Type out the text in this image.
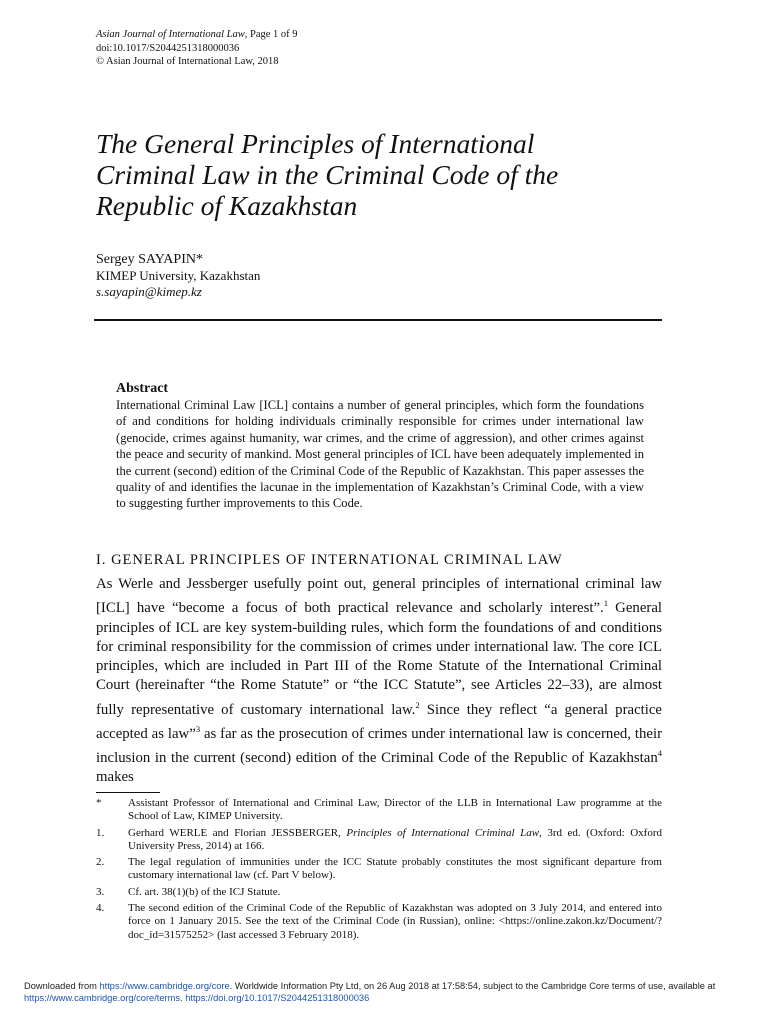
Asian Journal of International Law, Page 1 of 9
doi:10.1017/S2044251318000036
© Asian Journal of International Law, 2018
The General Principles of International
Criminal Law in the Criminal Code of the
Republic of Kazakhstan
Sergey SAYAPIN*
KIMEP University, Kazakhstan
s.sayapin@kimep.kz
Abstract
International Criminal Law [ICL] contains a number of general principles, which form the foundations of and conditions for holding individuals criminally responsible for crimes under international law (genocide, crimes against humanity, war crimes, and the crime of aggression), and other crimes against the peace and security of mankind. Most general principles of ICL have been adequately implemented in the current (second) edition of the Criminal Code of the Republic of Kazakhstan. This paper assesses the quality of and identifies the lacunae in the implementation of Kazakhstan’s Criminal Code, with a view to suggesting further improvements to this Code.
I. GENERAL PRINCIPLES OF INTERNATIONAL CRIMINAL LAW
As Werle and Jessberger usefully point out, general principles of international criminal law [ICL] have “become a focus of both practical relevance and scholarly interest”.$^1$ General principles of ICL are key system-building rules, which form the foundations of and conditions for criminal responsibility for the commission of crimes under international law. The core ICL principles, which are included in Part III of the Rome Statute of the International Criminal Court (hereinafter “the Rome Statute” or “the ICC Statute”, see Articles 22–33), are almost fully representative of customary international law.$^2$ Since they reflect “a general practice accepted as law”$^3$ as far as the prosecution of crimes under international law is concerned, their inclusion in the current (second) edition of the Criminal Code of the Republic of Kazakhstan$^4$ makes
*	Assistant Professor of International and Criminal Law, Director of the LLB in International Law programme at the School of Law, KIMEP University.
1.	Gerhard WERLE and Florian JESSBERGER, Principles of International Criminal Law, 3rd ed. (Oxford: Oxford University Press, 2014) at 166.
2.	The legal regulation of immunities under the ICC Statute probably constitutes the most significant departure from customary international law (cf. Part V below).
3.	Cf. art. 38(1)(b) of the ICJ Statute.
4.	The second edition of the Criminal Code of the Republic of Kazakhstan was adopted on 3 July 2014, and entered into force on 1 January 2015. See the text of the Criminal Code (in Russian), online: <https://online.zakon.kz/Document/?doc_id=31575252> (last accessed 3 February 2018).
Downloaded from https://www.cambridge.org/core. Worldwide Information Pty Ltd, on 26 Aug 2018 at 17:58:54, subject to the Cambridge Core terms of use, available at https://www.cambridge.org/core/terms. https://doi.org/10.1017/S2044251318000036
